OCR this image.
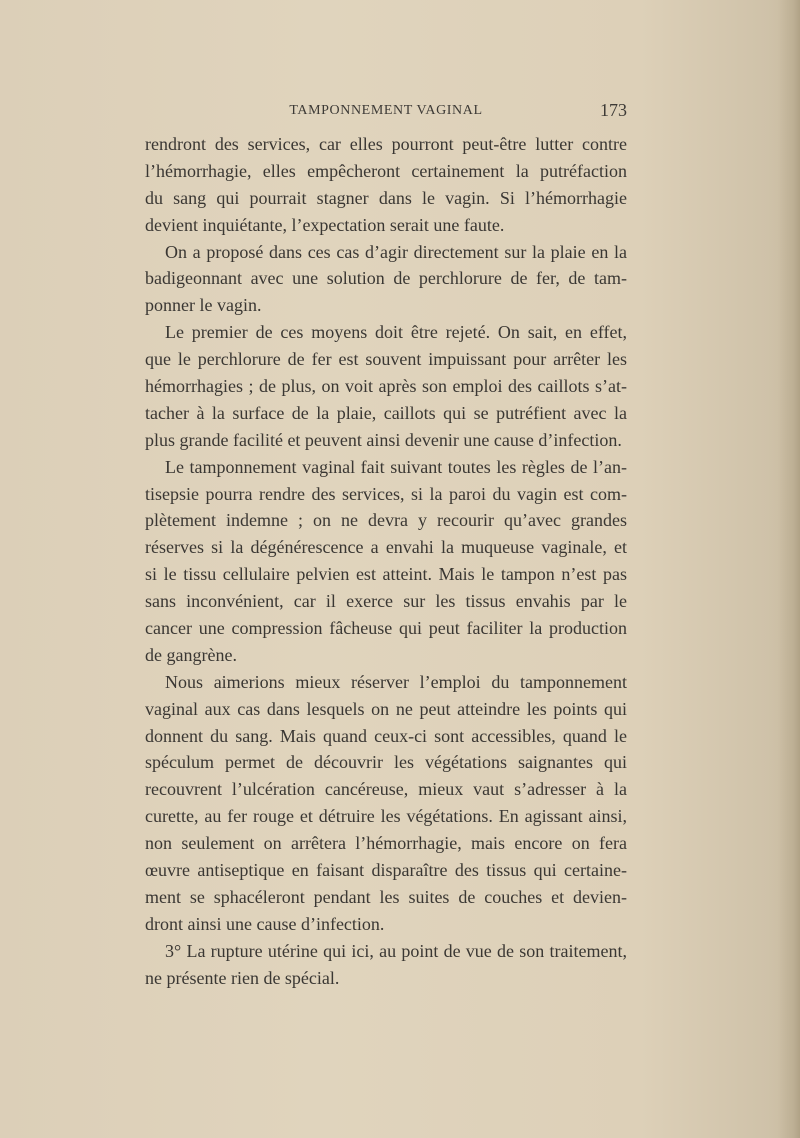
TAMPONNEMENT VAGINAL	173
rendront des services, car elles pourront peut-être lutter contre
l’hémorrhagie, elles empêcheront certainement la putréfaction
du sang qui pourrait stagner dans le vagin. Si l’hémorrhagie
devient inquiétante, l’expectation serait une faute.
On a proposé dans ces cas d’agir directement sur la plaie en la
badigeonnant avec une solution de perchlorure de fer, de tam-
ponner le vagin.
Le premier de ces moyens doit être rejeté. On sait, en effet,
que le perchlorure de fer est souvent impuissant pour arrêter les
hémorrhagies ; de plus, on voit après son emploi des caillots s’at-
tacher à la surface de la plaie, caillots qui se putréfient avec la
plus grande facilité et peuvent ainsi devenir une cause d’infection.
Le tamponnement vaginal fait suivant toutes les règles de l’an-
tisepsie pourra rendre des services, si la paroi du vagin est com-
plètement indemne ; on ne devra y recourir qu’avec grandes
réserves si la dégénérescence a envahi la muqueuse vaginale, et
si le tissu cellulaire pelvien est atteint. Mais le tampon n’est pas
sans inconvénient, car il exerce sur les tissus envahis par le
cancer une compression fâcheuse qui peut faciliter la production
de gangrène.
Nous aimerions mieux réserver l’emploi du tamponnement
vaginal aux cas dans lesquels on ne peut atteindre les points qui
donnent du sang. Mais quand ceux-ci sont accessibles, quand le
spéculum permet de découvrir les végétations saignantes qui
recouvrent l’ulcération cancéreuse, mieux vaut s’adresser à la
curette, au fer rouge et détruire les végétations. En agissant ainsi,
non seulement on arrêtera l’hémorrhagie, mais encore on fera
œuvre antiseptique en faisant disparaître des tissus qui certaine-
ment se sphacéleront pendant les suites de couches et devien-
dront ainsi une cause d’infection.
3° La rupture utérine qui ici, au point de vue de son traitement,
ne présente rien de spécial.
